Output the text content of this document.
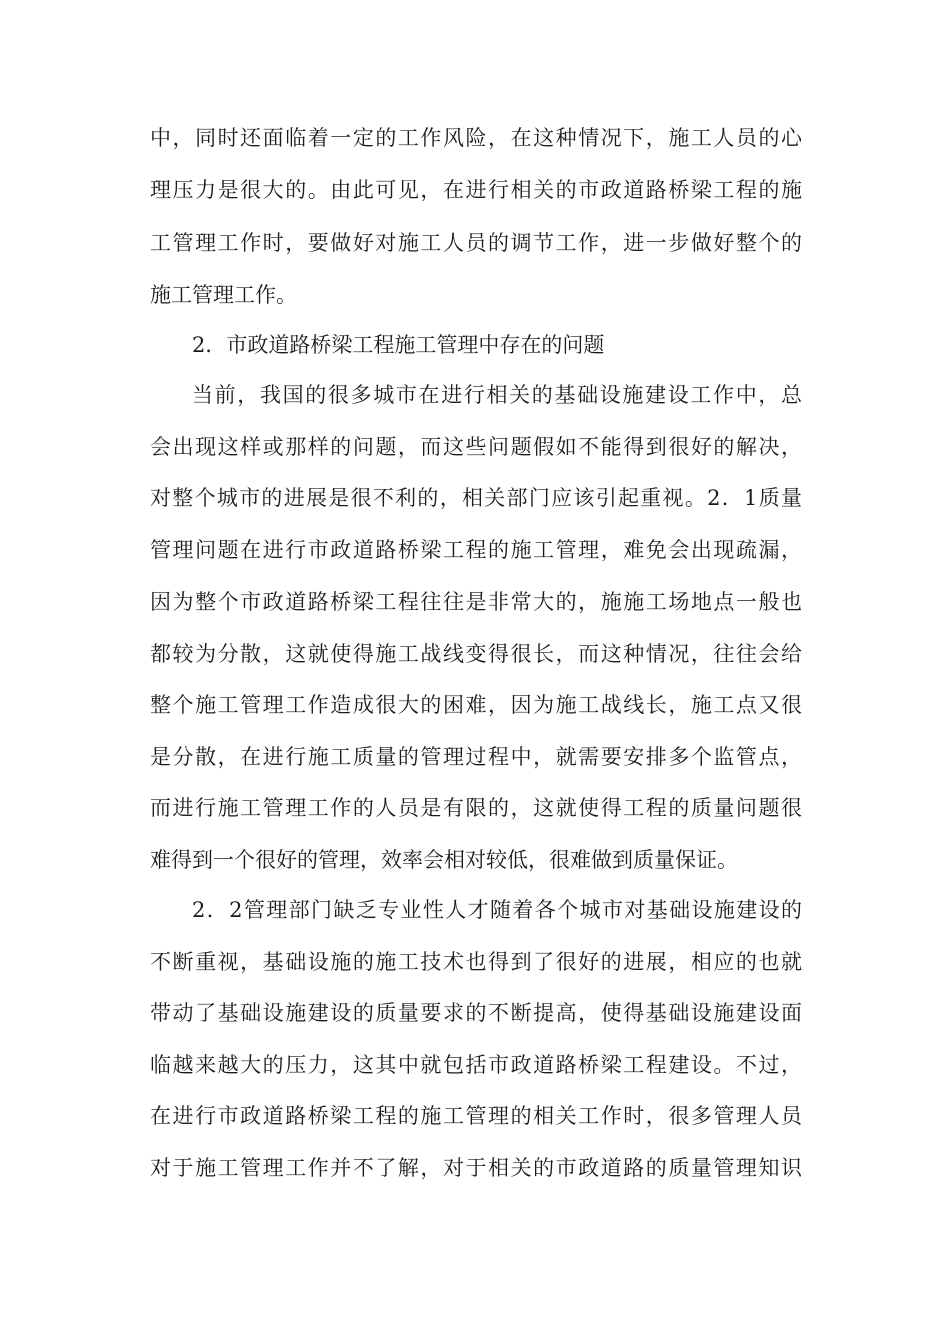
中，同时还面临着一定的工作风险，在这种情况下，施工人员的心
理压力是很大的。由此可见，在进行相关的市政道路桥梁工程的施
工管理工作时，要做好对施工人员的调节工作，进一步做好整个的
施工管理工作。
2．市政道路桥梁工程施工管理中存在的问题
当前，我国的很多城市在进行相关的基础设施建设工作中，总
会出现这样或那样的问题，而这些问题假如不能得到很好的解决，
对整个城市的进展是很不利的，相关部门应该引起重视。2．1质量
管理问题在进行市政道路桥梁工程的施工管理，难免会出现疏漏，
因为整个市政道路桥梁工程往往是非常大的，施施工场地点一般也
都较为分散，这就使得施工战线变得很长，而这种情况，往往会给
整个施工管理工作造成很大的困难，因为施工战线长，施工点又很
是分散，在进行施工质量的管理过程中，就需要安排多个监管点，
而进行施工管理工作的人员是有限的，这就使得工程的质量问题很
难得到一个很好的管理，效率会相对较低，很难做到质量保证。
2．2管理部门缺乏专业性人才随着各个城市对基础设施建设的
不断重视，基础设施的施工技术也得到了很好的进展，相应的也就
带动了基础设施建设的质量要求的不断提高，使得基础设施建设面
临越来越大的压力，这其中就包括市政道路桥梁工程建设。不过，
在进行市政道路桥梁工程的施工管理的相关工作时，很多管理人员
对于施工管理工作并不了解，对于相关的市政道路的质量管理知识
